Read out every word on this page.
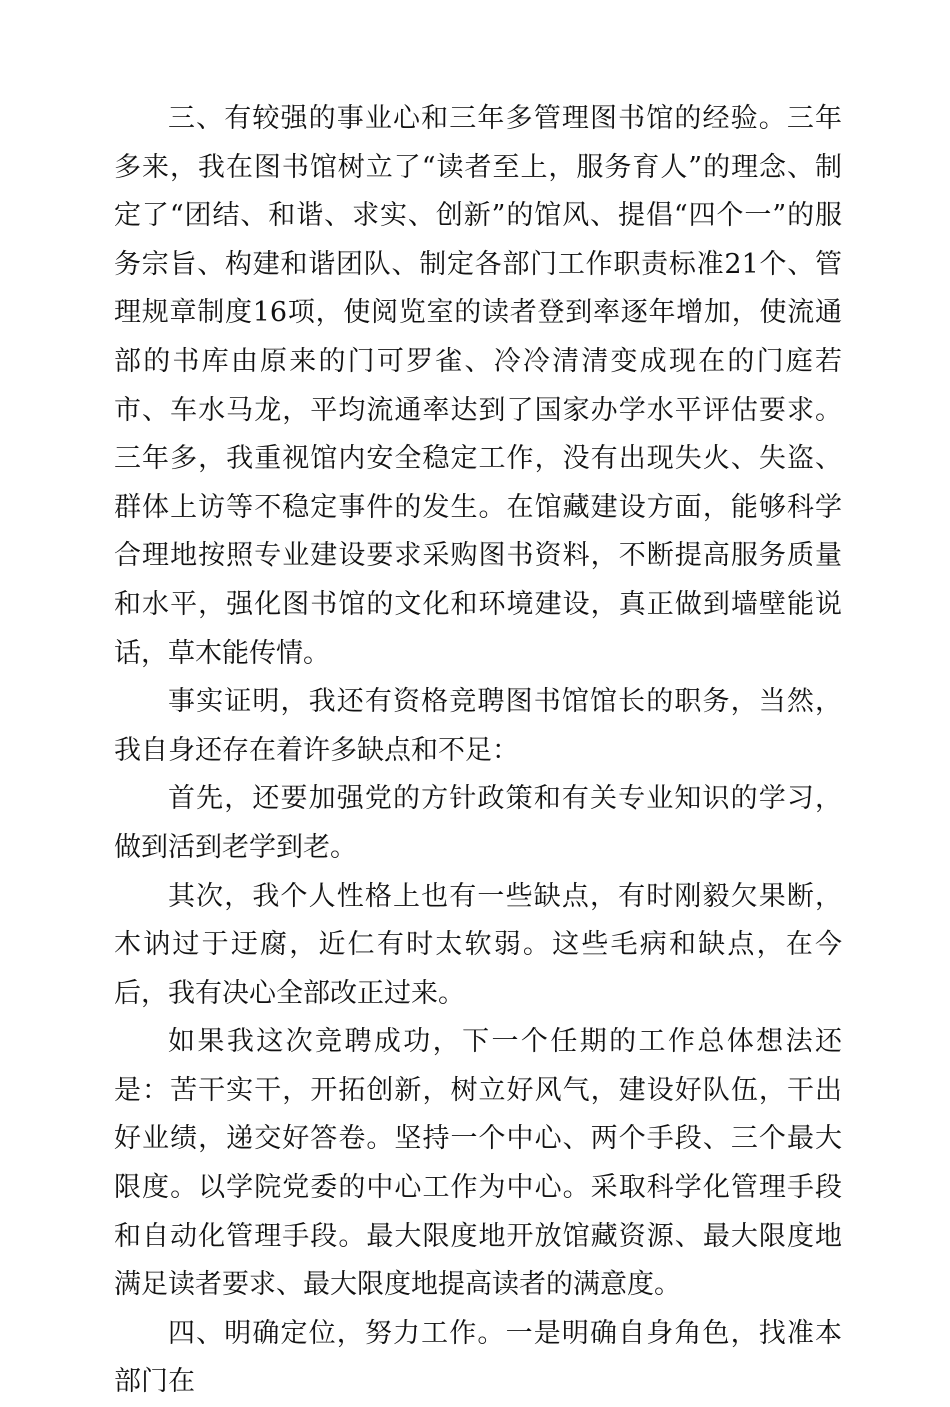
三、有较强的事业心和三年多管理图书馆的经验。三年多来，我在图书馆树立了“读者至上，服务育人”的理念、制定了“团结、和谐、求实、创新”的馆风、提倡“四个一”的服务宗旨、构建和谐团队、制定各部门工作职责标准21个、管理规章制度16项，使阅览室的读者登到率逐年增加，使流通部的书库由原来的门可罗雀、冷冷清清变成现在的门庭若市、车水马龙，平均流通率达到了国家办学水平评估要求。三年多，我重视馆内安全稳定工作，没有出现失火、失盗、群体上访等不稳定事件的发生。在馆藏建设方面，能够科学合理地按照专业建设要求采购图书资料，不断提高服务质量和水平，强化图书馆的文化和环境建设，真正做到墙壁能说话，草木能传情。

事实证明，我还有资格竞聘图书馆馆长的职务，当然，我自身还存在着许多缺点和不足：

首先，还要加强党的方针政策和有关专业知识的学习，做到活到老学到老。

其次，我个人性格上也有一些缺点，有时刚毅欠果断，木讷过于迂腐，近仁有时太软弱。这些毛病和缺点，在今后，我有决心全部改正过来。

如果我这次竞聘成功，下一个任期的工作总体想法还是：苦干实干，开拓创新，树立好风气，建设好队伍，干出好业绩，递交好答卷。坚持一个中心、两个手段、三个最大限度。以学院党委的中心工作为中心。采取科学化管理手段和自动化管理手段。最大限度地开放馆藏资源、最大限度地满足读者要求、最大限度地提高读者的满意度。

四、明确定位，努力工作。一是明确自身角色，找准本部门在
